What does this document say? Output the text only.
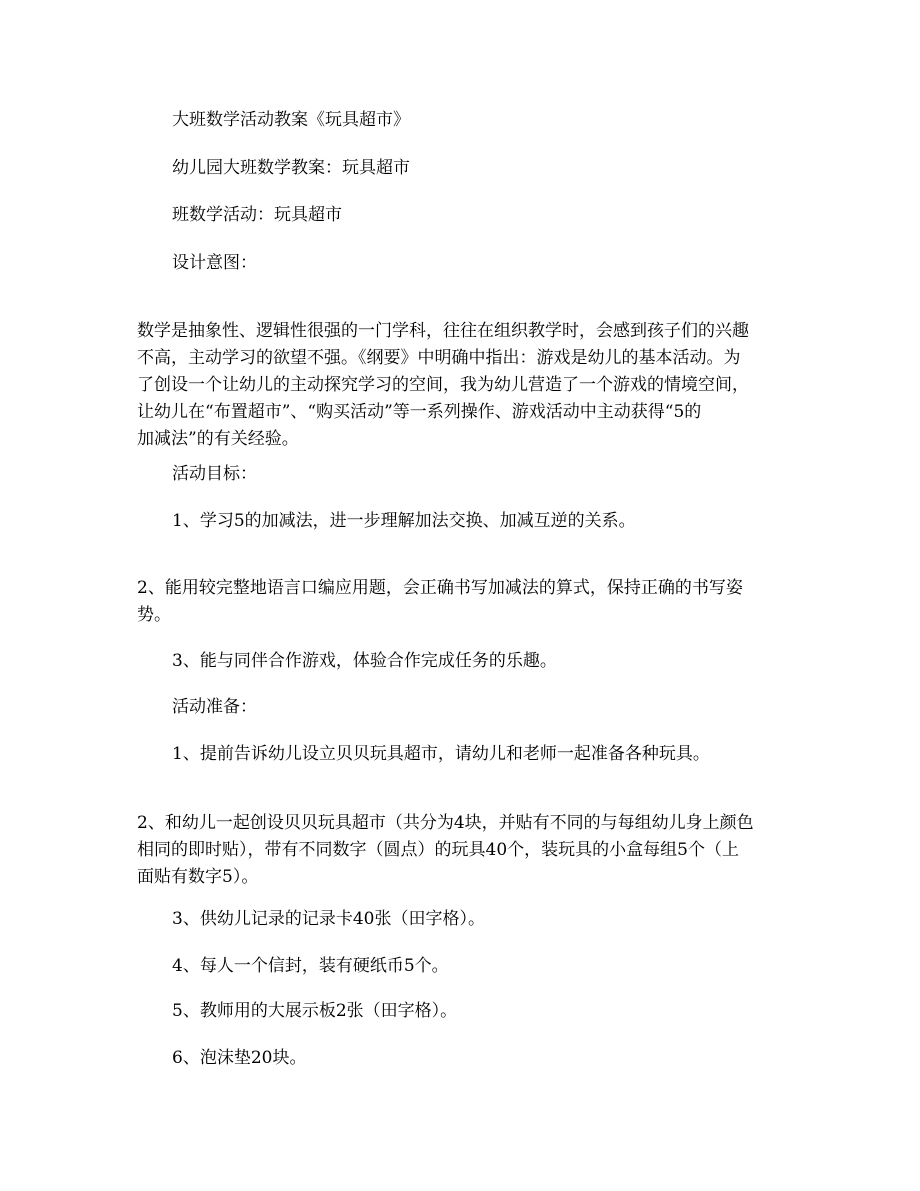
大班数学活动教案《玩具超市》

幼儿园大班数学教案：玩具超市

班数学活动：玩具超市

设计意图：

数学是抽象性、逻辑性很强的一门学科，往往在组织教学时，会感到孩子们的兴趣

不高，主动学习的欲望不强。《纲要》中明确中指出：游戏是幼儿的基本活动。为

了创设一个让幼儿的主动探究学习的空间，我为幼儿营造了一个游戏的情境空间，

让幼儿在“布置超市”、“购买活动”等一系列操作、游戏活动中主动获得“5的

加减法”的有关经验。

活动目标：

1、学习5的加减法，进一步理解加法交换、加减互逆的关系。

2、能用较完整地语言口编应用题，会正确书写加减法的算式，保持正确的书写姿

势。

3、能与同伴合作游戏，体验合作完成任务的乐趣。

活动准备：

1、提前告诉幼儿设立贝贝玩具超市，请幼儿和老师一起准备各种玩具。

2、和幼儿一起创设贝贝玩具超市（共分为4块，并贴有不同的与每组幼儿身上颜色

相同的即时贴），带有不同数字（圆点）的玩具40个，装玩具的小盒每组5个（上

面贴有数字5）。

3、供幼儿记录的记录卡40张（田字格）。

4、每人一个信封，装有硬纸币5个。

5、教师用的大展示板2张（田字格）。

6、泡沫垫20块。
